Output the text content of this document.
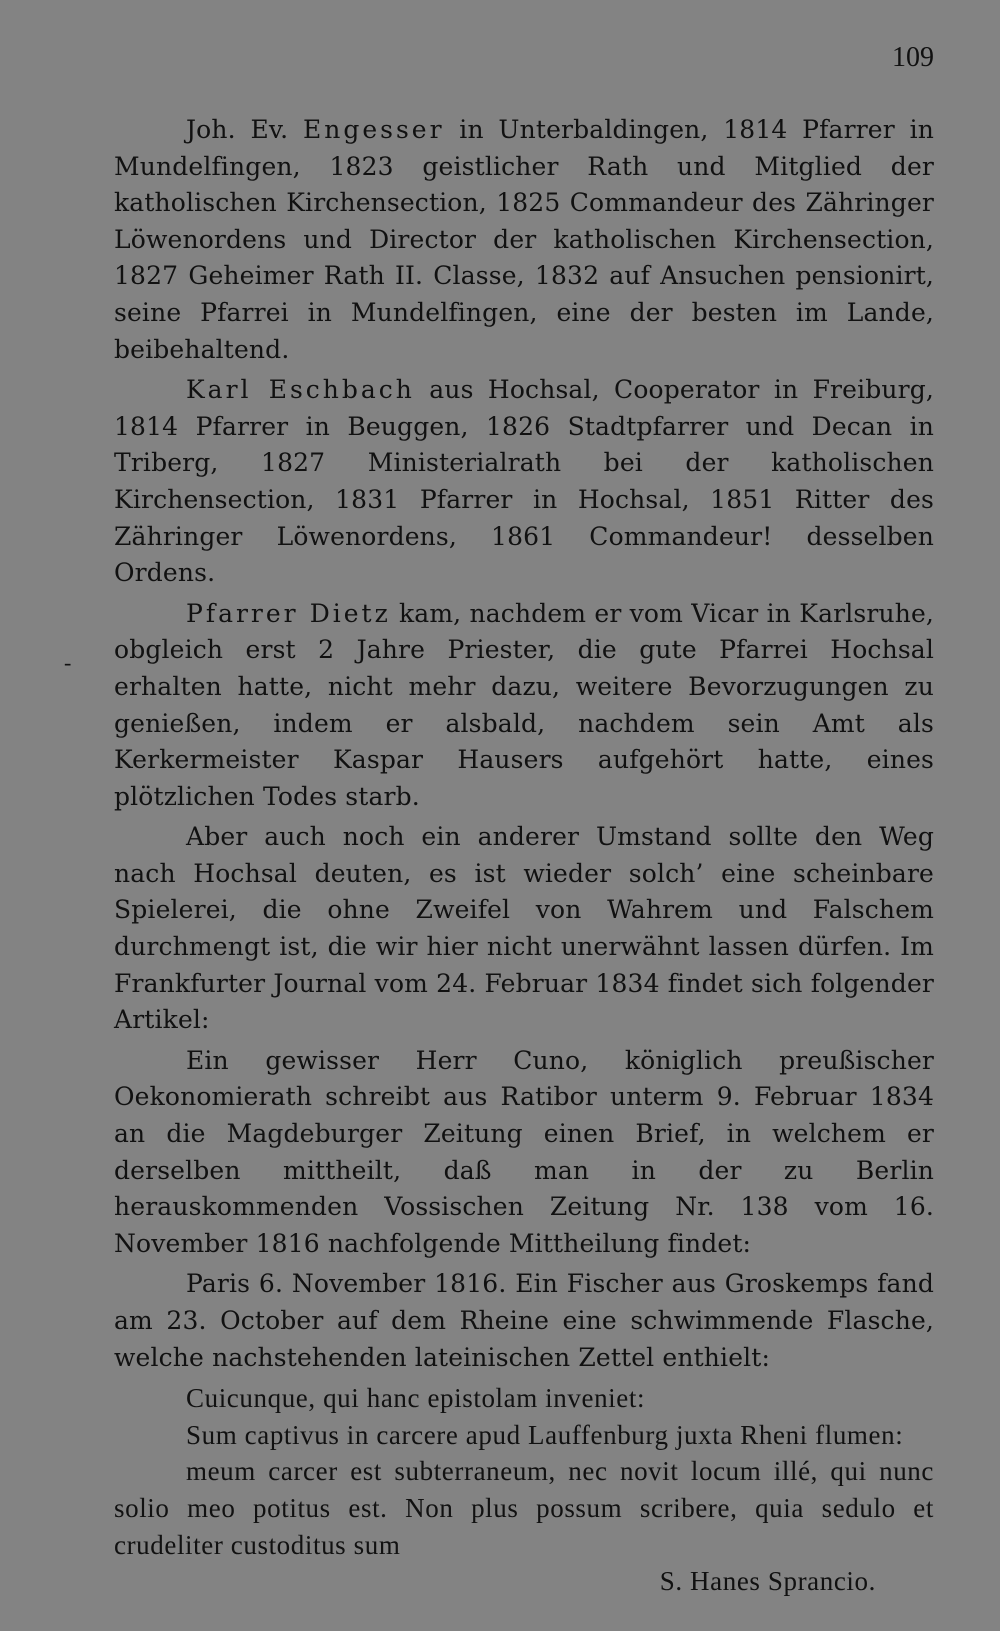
109
-

Joh. Ev. Engesser in Unterbaldingen, 1814 Pfarrer in Mundelfingen, 1823 geistlicher Rath und Mitglied der katholischen Kirchensection, 1825 Commandeur des Zähringer Löwenordens und Director der katholischen Kirchensection, 1827 Geheimer Rath II. Classe, 1832 auf Ansuchen pensionirt, seine Pfarrei in Mundelfingen, eine der besten im Lande, beibehaltend.

Karl Eschbach aus Hochsal, Cooperator in Freiburg, 1814 Pfarrer in Beuggen, 1826 Stadtpfarrer und Decan in Triberg, 1827 Ministerialrath bei der katholischen Kirchensection, 1831 Pfarrer in Hochsal, 1851 Ritter des Zähringer Löwenordens, 1861 Commandeur! desselben Ordens.

Pfarrer Dietz kam, nachdem er vom Vicar in Karlsruhe, obgleich erst 2 Jahre Priester, die gute Pfarrei Hochsal erhalten hatte, nicht mehr dazu, weitere Bevorzugungen zu genießen, indem er alsbald, nachdem sein Amt als Kerkermeister Kaspar Hausers aufgehört hatte, eines plötzlichen Todes starb.

Aber auch noch ein anderer Umstand sollte den Weg nach Hochsal deuten, es ist wieder solch’ eine scheinbare Spielerei, die ohne Zweifel von Wahrem und Falschem durchmengt ist, die wir hier nicht unerwähnt lassen dürfen. Im Frankfurter Journal vom 24. Februar 1834 findet sich folgender Artikel:

Ein gewisser Herr Cuno, königlich preußischer Oekonomierath schreibt aus Ratibor unterm 9. Februar 1834 an die Magdeburger Zeitung einen Brief, in welchem er derselben mittheilt, daß man in der zu Berlin herauskommenden Vossischen Zeitung Nr. 138 vom 16. November 1816 nachfolgende Mittheilung findet:

Paris 6. November 1816. Ein Fischer aus Groskemps fand am 23. October auf dem Rheine eine schwimmende Flasche, welche nachstehenden lateinischen Zettel enthielt:

Cuicunque, qui hanc epistolam inveniet:

Sum captivus in carcere apud Lauffenburg juxta Rheni flumen:

meum carcer est subterraneum, nec novit locum illé, qui nunc solio meo potitus est. Non plus possum scribere, quia sedulo et crudeliter custoditus sum

S. Hanes Sprancio.
